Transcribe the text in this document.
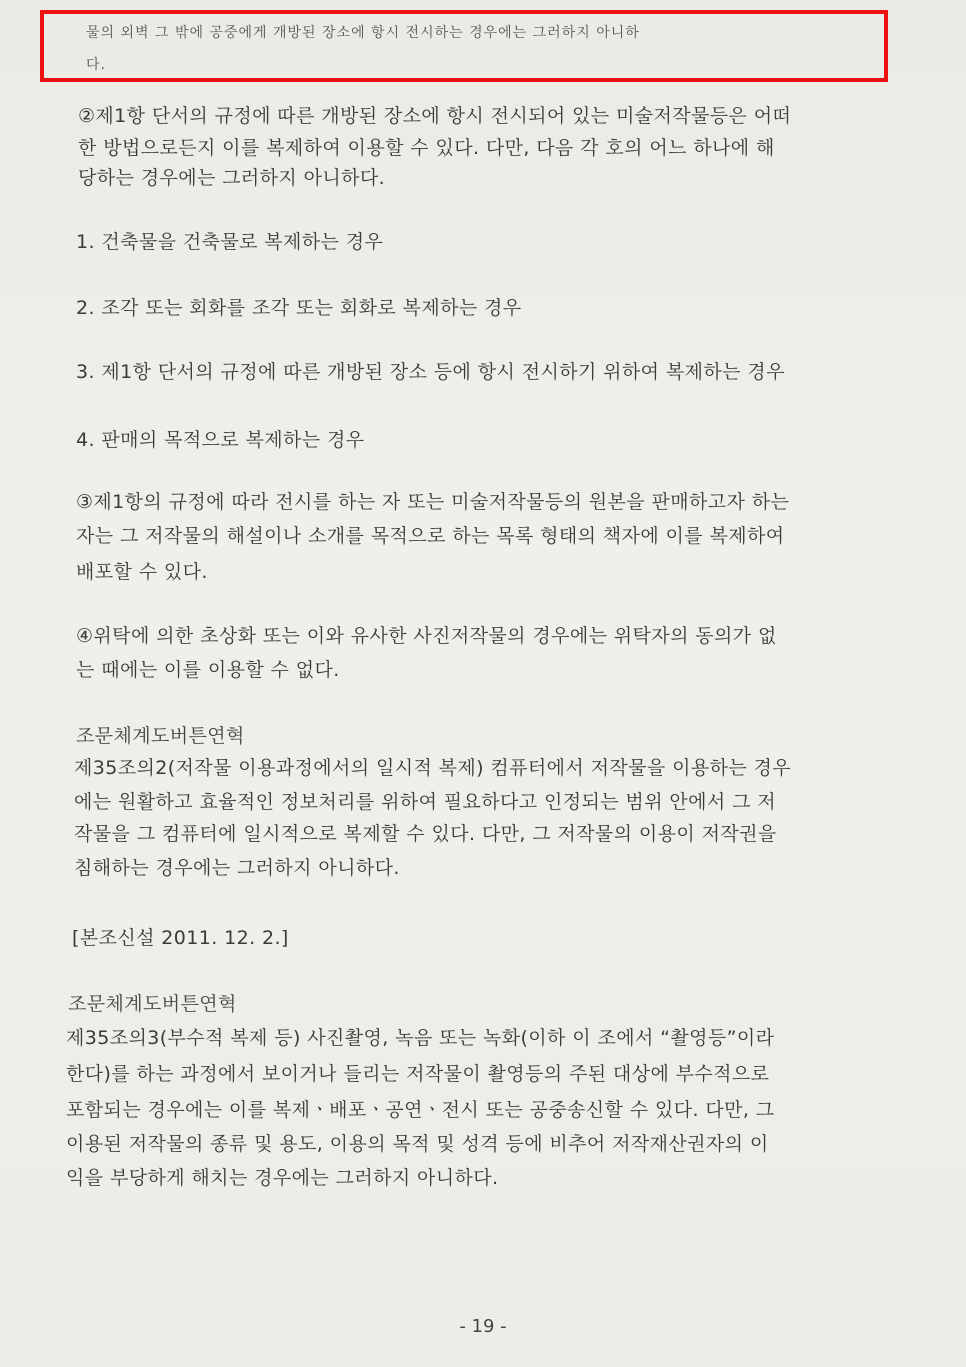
물의 외벽 그 밖에 공중에게 개방된 장소에 항시 전시하는 경우에는 그러하지 아니하
다.
②제1항 단서의 규정에 따른 개방된 장소에 항시 전시되어 있는 미술저작물등은 어떠
한 방법으로든지 이를 복제하여 이용할 수 있다. 다만, 다음 각 호의 어느 하나에 해
당하는 경우에는 그러하지 아니하다.
1. 건축물을 건축물로 복제하는 경우
2. 조각 또는 회화를 조각 또는 회화로 복제하는 경우
3. 제1항 단서의 규정에 따른 개방된 장소 등에 항시 전시하기 위하여 복제하는 경우
4. 판매의 목적으로 복제하는 경우
③제1항의 규정에 따라 전시를 하는 자 또는 미술저작물등의 원본을 판매하고자 하는
자는 그 저작물의 해설이나 소개를 목적으로 하는 목록 형태의 책자에 이를 복제하여
배포할 수 있다.
④위탁에 의한 초상화 또는 이와 유사한 사진저작물의 경우에는 위탁자의 동의가 없
는 때에는 이를 이용할 수 없다.
조문체계도버튼연혁
제35조의2(저작물 이용과정에서의 일시적 복제) 컴퓨터에서 저작물을 이용하는 경우
에는 원활하고 효율적인 정보처리를 위하여 필요하다고 인정되는 범위 안에서 그 저
작물을 그 컴퓨터에 일시적으로 복제할 수 있다. 다만, 그 저작물의 이용이 저작권을
침해하는 경우에는 그러하지 아니하다.
[본조신설 2011. 12. 2.]
조문체계도버튼연혁
제35조의3(부수적 복제 등) 사진촬영, 녹음 또는 녹화(이하 이 조에서 “촬영등”이라
한다)를 하는 과정에서 보이거나 들리는 저작물이 촬영등의 주된 대상에 부수적으로
포함되는 경우에는 이를 복제ㆍ배포ㆍ공연ㆍ전시 또는 공중송신할 수 있다. 다만, 그
이용된 저작물의 종류 및 용도, 이용의 목적 및 성격 등에 비추어 저작재산권자의 이
익을 부당하게 해치는 경우에는 그러하지 아니하다.
- 19 -
